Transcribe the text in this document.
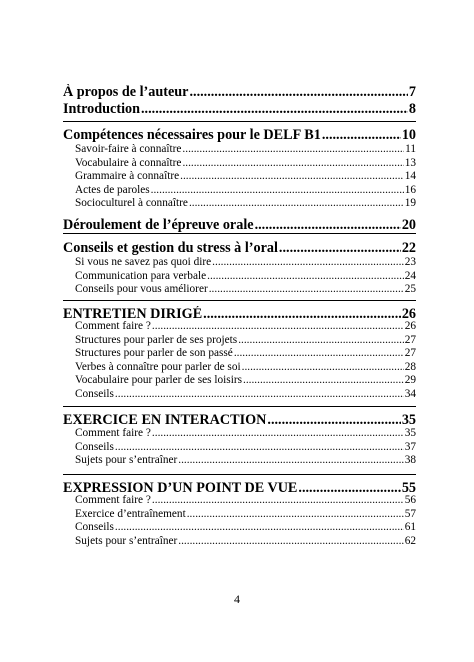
À propos de l’auteur .....	7
Introduction .....	8
Compétences nécessaires pour le DELF B1 .....	10
Savoir-faire à connaître .....	11
Vocabulaire à connaître .....	13
Grammaire à connaître .....	14
Actes de paroles .....	16
Socioculturel à connaître .....	19
Déroulement de l’épreuve orale .....	20
Conseils et gestion du stress à l’oral .....	22
Si vous ne savez pas quoi dire .....	23
Communication para verbale .....	24
Conseils pour vous améliorer .....	25
ENTRETIEN DIRIGÉ .....	26
Comment faire ? .....	26
Structures pour parler de ses projets .....	27
Structures pour parler de son passé .....	27
Verbes à connaître pour parler de soi .....	28
Vocabulaire pour parler de ses loisirs .....	29
Conseils .....	34
EXERCICE EN INTERACTION .....	35
Comment faire ? .....	35
Conseils .....	37
Sujets pour s’entraîner .....	38
EXPRESSION D’UN POINT DE VUE .....	55
Comment faire ? .....	56
Exercice d’entraînement .....	57
Conseils .....	61
Sujets pour s’entraîner .....	62
4
